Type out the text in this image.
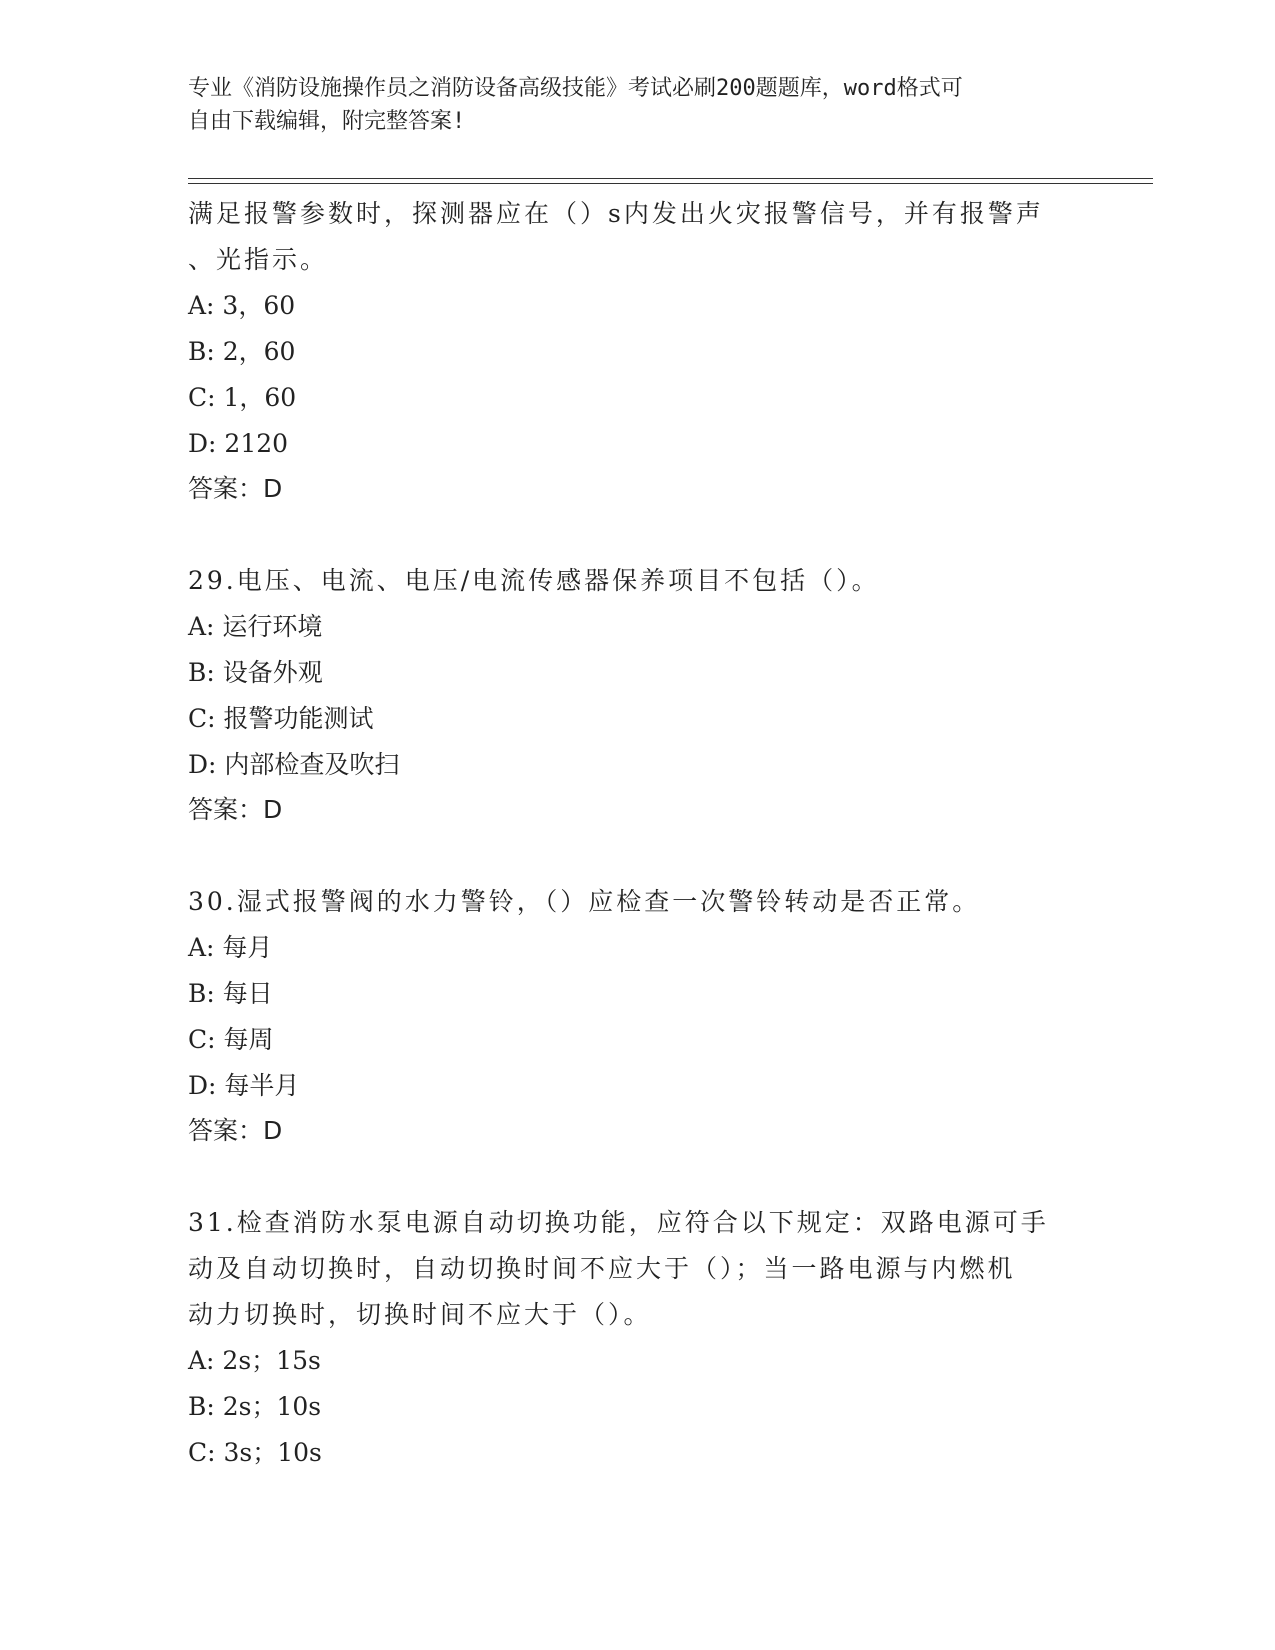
专业《消防设施操作员之消防设备高级技能》考试必刷200题题库，word格式可
自由下载编辑，附完整答案!
满足报警参数时，探测器应在（）s内发出火灾报警信号，并有报警声
、光指示。
A: 3，60
B: 2，60
C: 1，60
D: 2120
答案：D
29.电压、电流、电压/电流传感器保养项目不包括（）。
A: 运行环境
B: 设备外观
C: 报警功能测试
D: 内部检查及吹扫
答案：D
30.湿式报警阀的水力警铃，（）应检查一次警铃转动是否正常。
A: 每月
B: 每日
C: 每周
D: 每半月
答案：D
31.检查消防水泵电源自动切换功能，应符合以下规定：双路电源可手
动及自动切换时，自动切换时间不应大于（）；当一路电源与内燃机
动力切换时，切换时间不应大于（）。
A: 2s；15s
B: 2s；10s
C: 3s；10s
